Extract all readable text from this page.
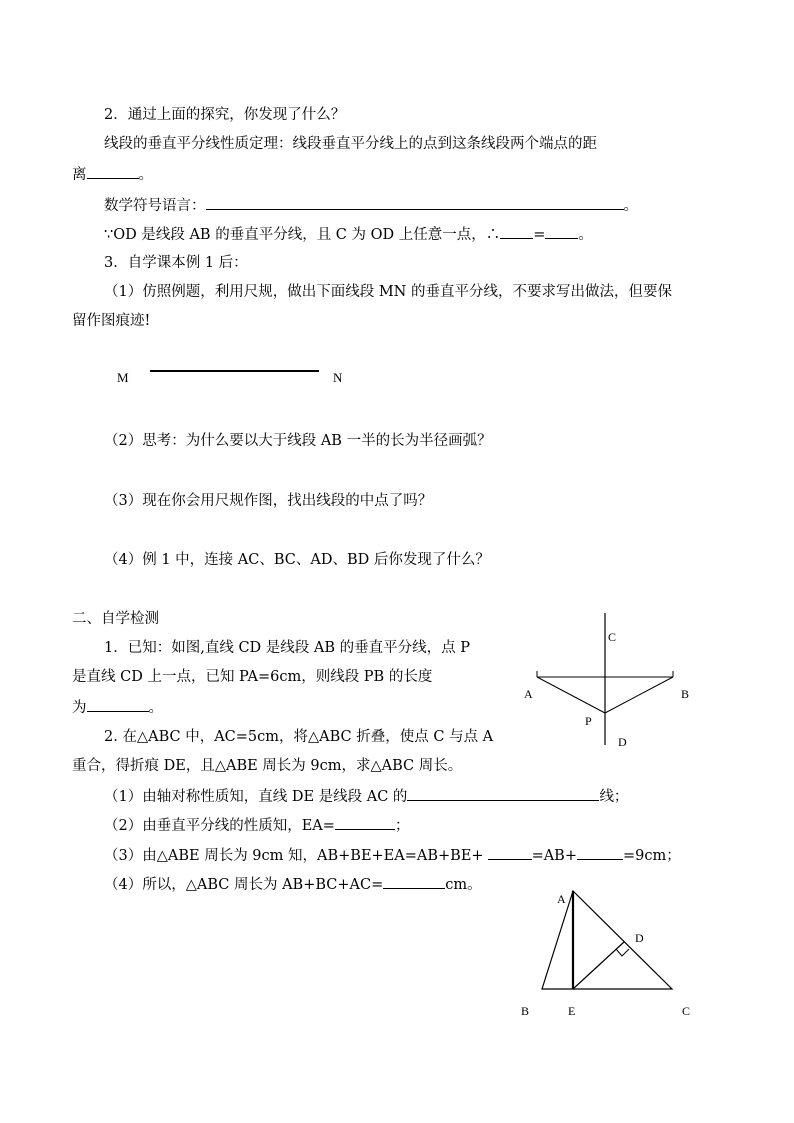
2．通过上面的探究，你发现了什么？
线段的垂直平分线性质定理：线段垂直平分线上的点到这条线段两个端点的距
离	。
数学符号语言：	。
∵OD 是线段 AB 的垂直平分线，且 C 为 OD 上任意一点，∴ = 。
3．自学课本例 1 后：
（1）仿照例题，利用尺规，做出下面线段 MN 的垂直平分线，不要求写出做法，但要保
留作图痕迹!
M	N
（2）思考：为什么要以大于线段 AB 一半的长为半径画弧？
（3）现在你会用尺规作图，找出线段的中点了吗？
（4）例 1 中，连接 AC、BC、AD、BD 后你发现了什么？
二、自学检测
1．已知：如图,直线 CD 是线段 AB 的垂直平分线，点 P
是直线 CD 上一点，已知 PA=6cm，则线段 PB 的长度
为	。
2. 在△ABC 中，AC=5cm，将△ABC 折叠，使点 C 与点 A
重合，得折痕 DE，且△ABE 周长为 9cm，求△ABC 周长。
（1）由轴对称性质知，直线 DE 是线段 AC 的	线；
（2）由垂直平分线的性质知，EA=	；
（3）由△ABE 周长为 9cm 知，AB+BE+EA=AB+BE+	=AB+	=9cm；
（4）所以，△ABC 周长为 AB+BC+AC=	cm。
C
A	B
P
D
A
D
B	E	C
